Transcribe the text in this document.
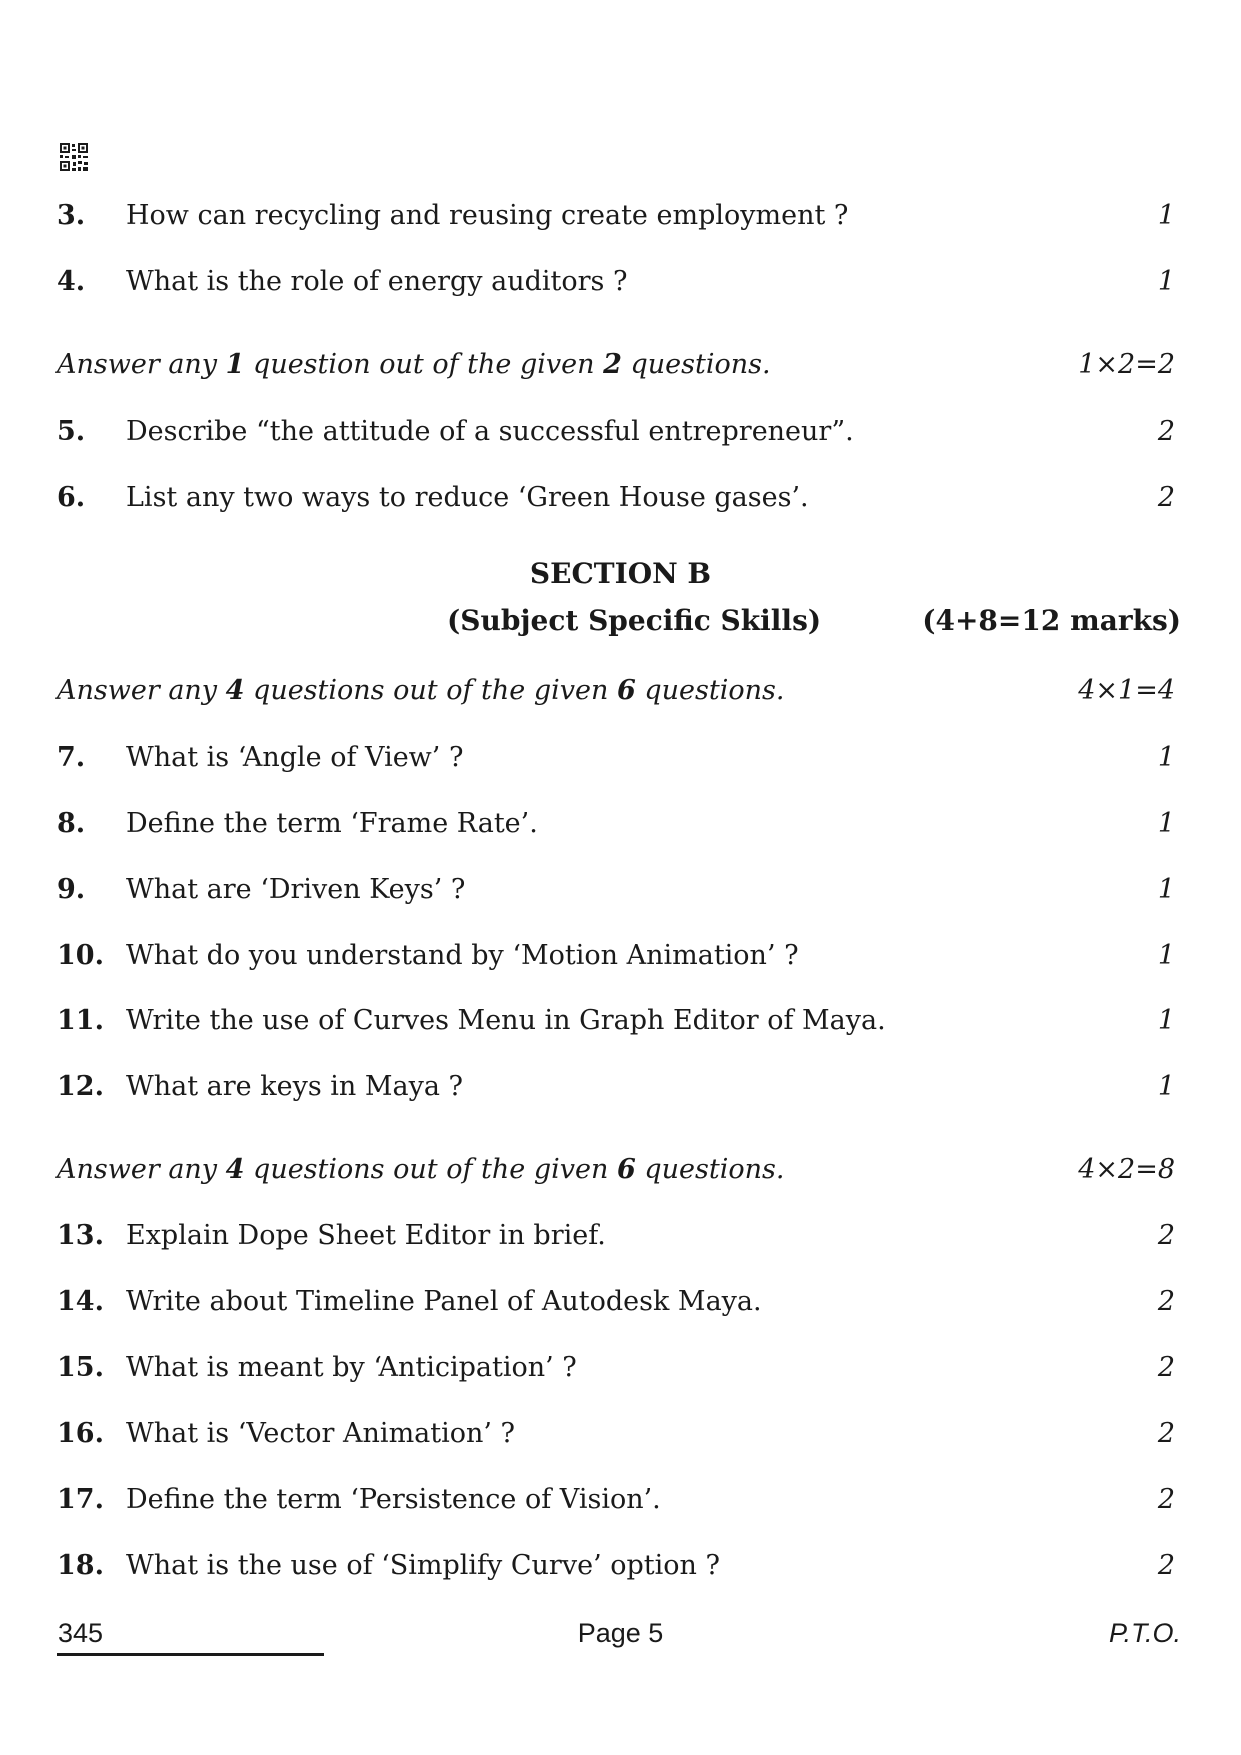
3. How can recycling and reusing create employment ?	1
4. What is the role of energy auditors ?	1
Answer any 1 question out of the given 2 questions.	1×2=2
5. Describe “the attitude of a successful entrepreneur”.	2
6. List any two ways to reduce ‘Green House gases’.	2
SECTION B
(Subject Specific Skills)	(4+8=12 marks)
Answer any 4 questions out of the given 6 questions.	4×1=4
7. What is ‘Angle of View’ ?	1
8. Define the term ‘Frame Rate’.	1
9. What are ‘Driven Keys’ ?	1
10. What do you understand by ‘Motion Animation’ ?	1
11. Write the use of Curves Menu in Graph Editor of Maya.	1
12. What are keys in Maya ?	1
Answer any 4 questions out of the given 6 questions.	4×2=8
13. Explain Dope Sheet Editor in brief.	2
14. Write about Timeline Panel of Autodesk Maya.	2
15. What is meant by ‘Anticipation’ ?	2
16. What is ‘Vector Animation’ ?	2
17. Define the term ‘Persistence of Vision’.	2
18. What is the use of ‘Simplify Curve’ option ?	2
345	Page 5	P.T.O.
